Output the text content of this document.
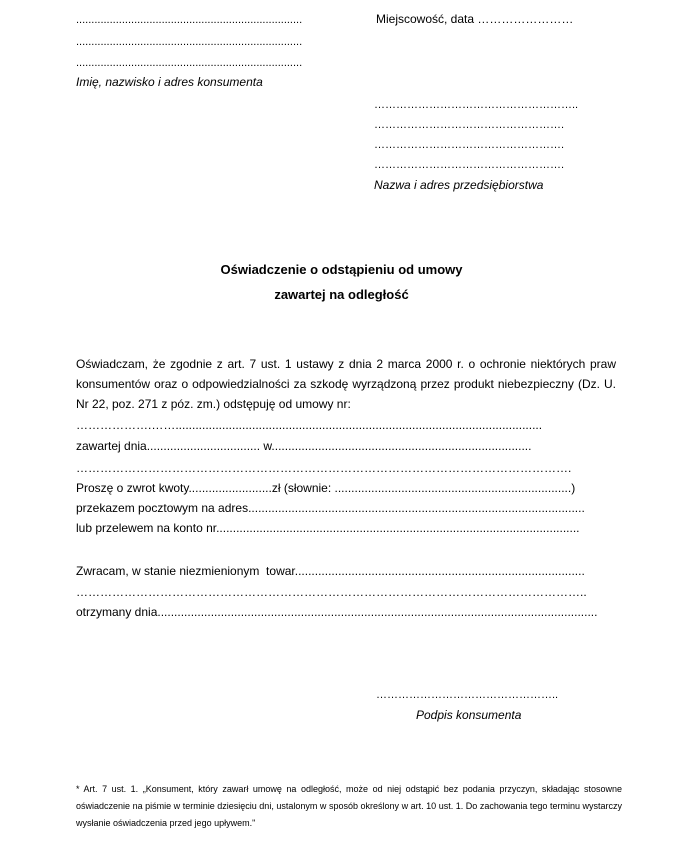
..........................................................................
..........................................................................
..........................................................................
Imię, nazwisko i adres konsumenta
Miejscowość, data ……………………
………………………………………………..
…………………………………………….
…………………………………………….
…………………………………………….
Nazwa i adres przedsiębiorstwa
Oświadczenie o odstąpieniu od umowy
zawartej na odległość
Oświadczam, że zgodnie z art. 7 ust. 1 ustawy z dnia 2 marca 2000 r. o ochronie niektórych praw konsumentów oraz o odpowiedzialności za szkodę wyrządzoną przez produkt niebezpieczny (Dz. U. Nr 22, poz. 271 z póz. zm.) odstępuję od umowy nr:
……………….……..............................................................................................................
zawartej dnia.................................. w..............................................................................
…………………………………………………………………………………………………………….
Proszę o zwrot kwoty.........................zł (słownie: .......................................................................)
przekazem pocztowym na adres.....................................................................................................
lub przelewem na konto nr.............................................................................................................
Zwracam, w stanie niezmienionym  towar.......................................................................................
………………………………………………………………………………………………………………..
otrzymany dnia....................................................................................................................................
…………………………………………..
Podpis konsumenta
* Art. 7 ust. 1. „Konsument, który zawarł umowę na odległość, może od niej odstąpić bez podania przyczyn, składając stosowne oświadczenie na piśmie w terminie dziesięciu dni, ustalonym w sposób określony w art. 10 ust. 1. Do zachowania tego terminu wystarczy wysłanie oświadczenia przed jego upływem."
